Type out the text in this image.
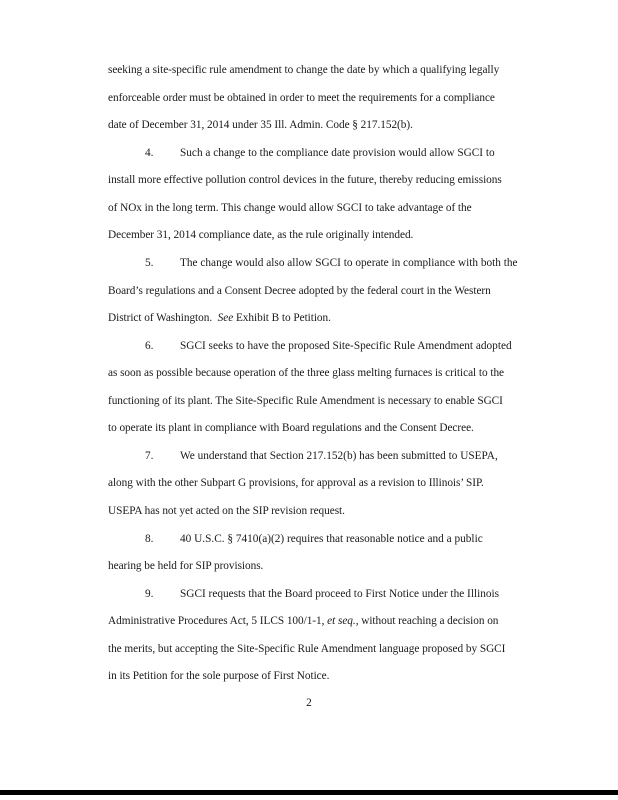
seeking a site-specific rule amendment to change the date by which a qualifying legally
enforceable order must be obtained in order to meet the requirements for a compliance
date of December 31, 2014 under 35 Ill. Admin. Code § 217.152(b).
4. Such a change to the compliance date provision would allow SGCI to
install more effective pollution control devices in the future, thereby reducing emissions
of NOx in the long term. This change would allow SGCI to take advantage of the
December 31, 2014 compliance date, as the rule originally intended.
5. The change would also allow SGCI to operate in compliance with both the
Board’s regulations and a Consent Decree adopted by the federal court in the Western
District of Washington.  See Exhibit B to Petition.
6. SGCI seeks to have the proposed Site-Specific Rule Amendment adopted
as soon as possible because operation of the three glass melting furnaces is critical to the
functioning of its plant. The Site-Specific Rule Amendment is necessary to enable SGCI
to operate its plant in compliance with Board regulations and the Consent Decree.
7. We understand that Section 217.152(b) has been submitted to USEPA,
along with the other Subpart G provisions, for approval as a revision to Illinois’ SIP.
USEPA has not yet acted on the SIP revision request.
8. 40 U.S.C. § 7410(a)(2) requires that reasonable notice and a public
hearing be held for SIP provisions.
9. SGCI requests that the Board proceed to First Notice under the Illinois
Administrative Procedures Act, 5 ILCS 100/1-1, et seq., without reaching a decision on
the merits, but accepting the Site-Specific Rule Amendment language proposed by SGCI
in its Petition for the sole purpose of First Notice.
2
